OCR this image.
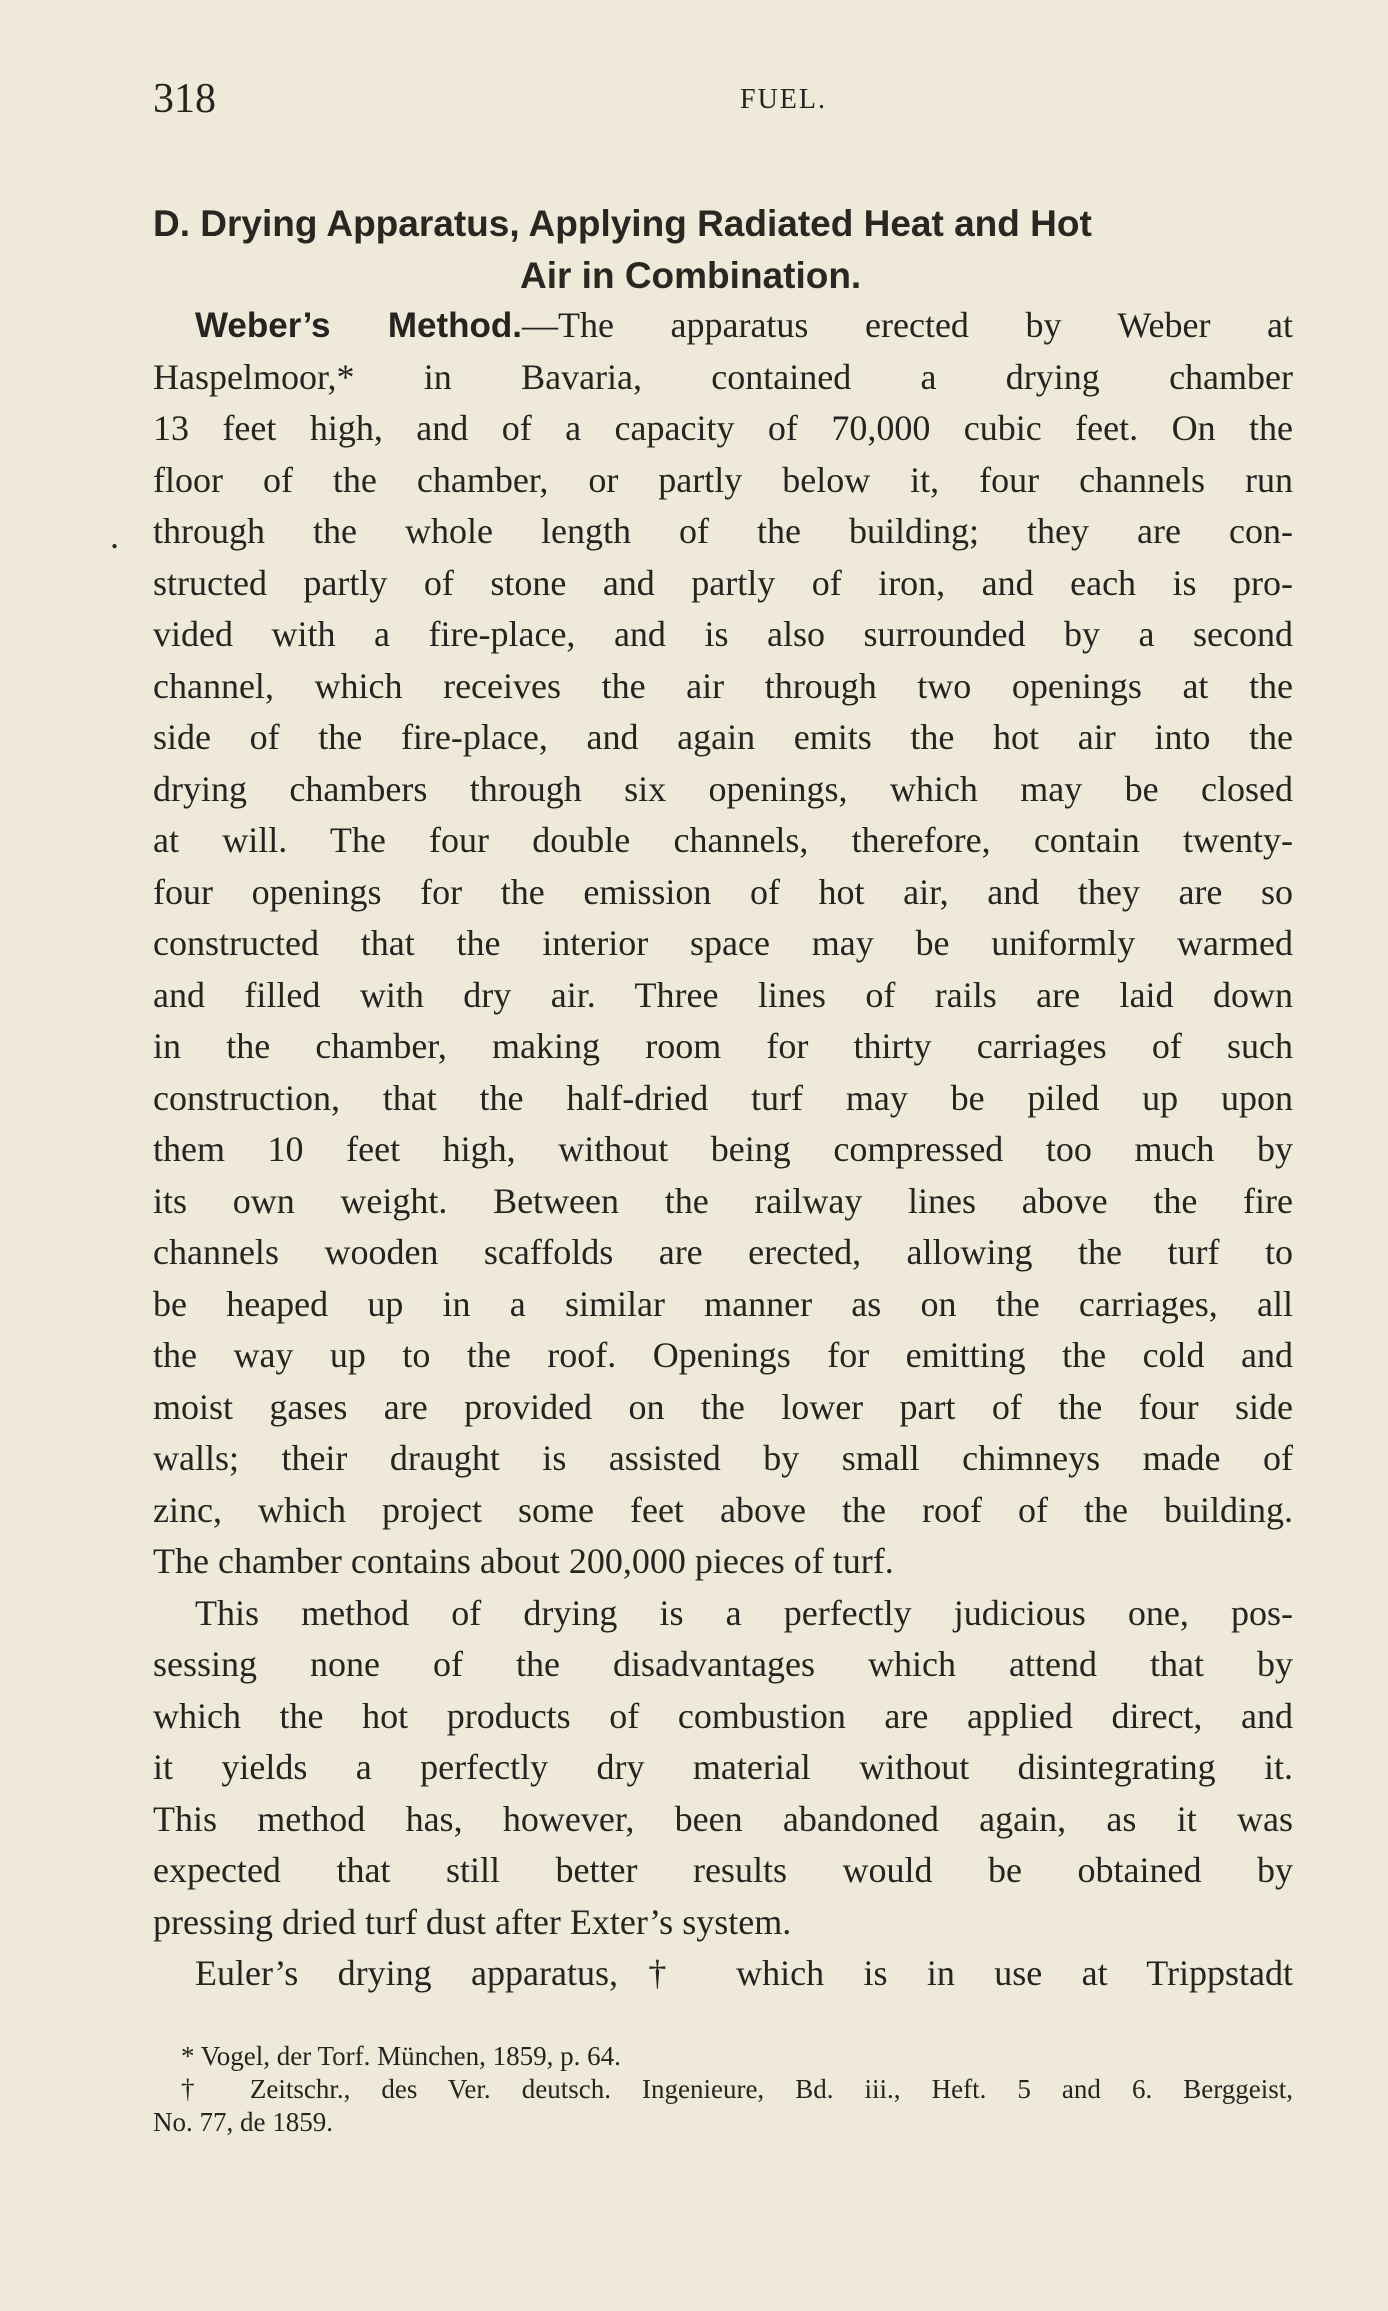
318	FUEL.
D. Drying Apparatus, Applying Radiated Heat and Hot
Air in Combination.
.
Weber’s Method.—The apparatus erected by Weber at
Haspelmoor,* in Bavaria, contained a drying chamber
13 feet high, and of a capacity of 70,000 cubic feet. On the
floor of the chamber, or partly below it, four channels run
through the whole length of the building; they are con-
structed partly of stone and partly of iron, and each is pro-
vided with a fire-place, and is also surrounded by a second
channel, which receives the air through two openings at the
side of the fire-place, and again emits the hot air into the
drying chambers through six openings, which may be closed
at will. The four double channels, therefore, contain twenty-
four openings for the emission of hot air, and they are so
constructed that the interior space may be uniformly warmed
and filled with dry air. Three lines of rails are laid down
in the chamber, making room for thirty carriages of such
construction, that the half-dried turf may be piled up upon
them 10 feet high, without being compressed too much by
its own weight. Between the railway lines above the fire
channels wooden scaffolds are erected, allowing the turf to
be heaped up in a similar manner as on the carriages, all
the way up to the roof. Openings for emitting the cold and
moist gases are provided on the lower part of the four side
walls; their draught is assisted by small chimneys made of
zinc, which project some feet above the roof of the building.
The chamber contains about 200,000 pieces of turf.
This method of drying is a perfectly judicious one, pos-
sessing none of the disadvantages which attend that by
which the hot products of combustion are applied direct, and
it yields a perfectly dry material without disintegrating it.
This method has, however, been abandoned again, as it was
expected that still better results would be obtained by
pressing dried turf dust after Exter’s system.
Euler’s drying apparatus,† which is in use at Trippstadt
* Vogel, der Torf. München, 1859, p. 64.
† Zeitschr., des Ver. deutsch. Ingenieure, Bd. iii., Heft. 5 and 6. Berggeist,
No. 77, de 1859.
